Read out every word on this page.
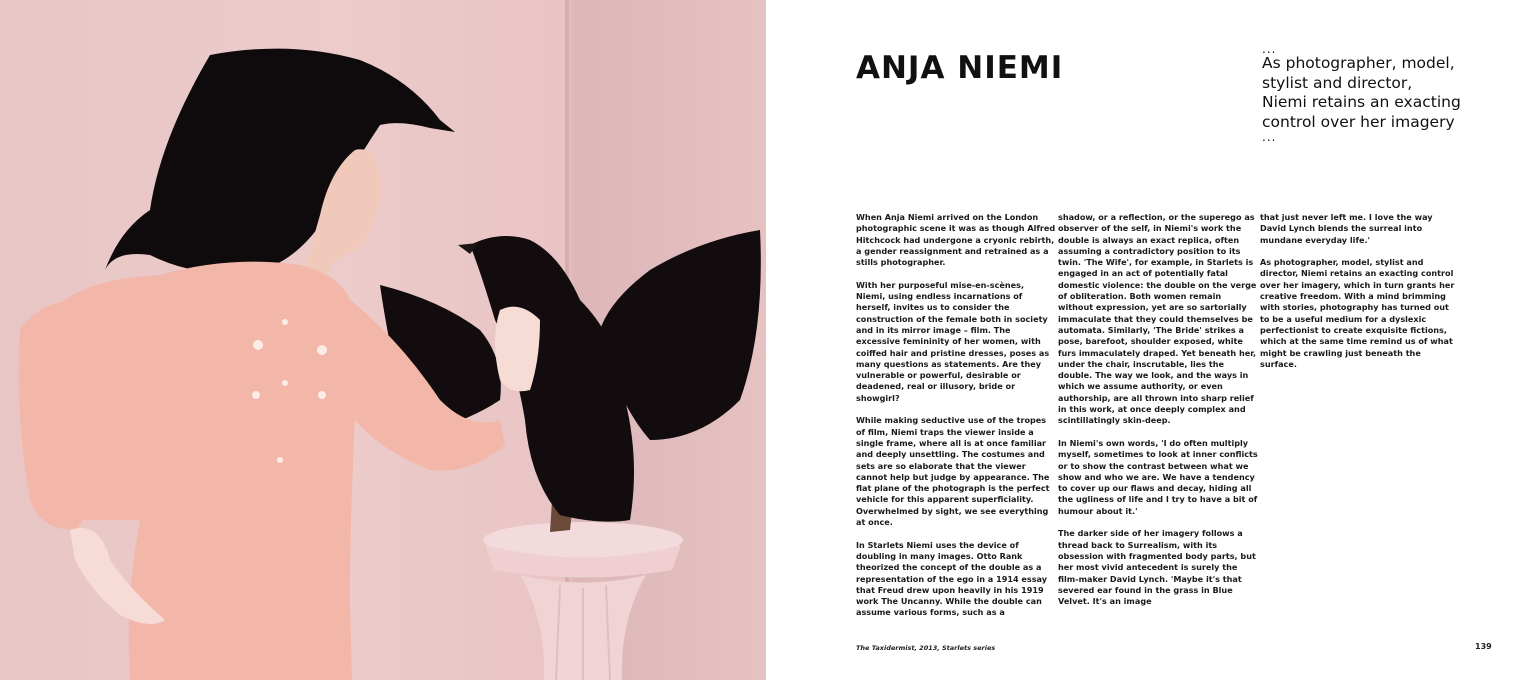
ANJA NIEMI
...
As photographer, model,
stylist and director,
Niemi retains an exacting
control over her imagery
...

When Anja Niemi arrived on the London photographic scene it was as though Alfred Hitchcock had undergone a cryonic rebirth, a gender reassignment and retrained as a stills photographer.

With her purposeful mise-en-scènes, Niemi, using endless incarnations of herself, invites us to consider the construction of the female both in society and in its mirror image – film. The excessive femininity of her women, with coiffed hair and pristine dresses, poses as many questions as statements. Are they vulnerable or powerful, desirable or deadened, real or illusory, bride or showgirl?

While making seductive use of the tropes of film, Niemi traps the viewer inside a single frame, where all is at once familiar and deeply unsettling. The costumes and sets are so elaborate that the viewer cannot help but judge by appearance. The flat plane of the photograph is the perfect vehicle for this apparent superficiality. Overwhelmed by sight, we see everything at once.

In Starlets Niemi uses the device of doubling in many images. Otto Rank theorized the concept of the double as a representation of the ego in a 1914 essay that Freud drew upon heavily in his 1919 work The Uncanny. While the double can assume various forms, such as a

shadow, or a reflection, or the superego as observer of the self, in Niemi's work the double is always an exact replica, often assuming a contradictory position to its twin. 'The Wife', for example, in Starlets is engaged in an act of potentially fatal domestic violence: the double on the verge of obliteration. Both women remain without expression, yet are so sartorially immaculate that they could themselves be automata. Similarly, 'The Bride' strikes a pose, barefoot, shoulder exposed, white furs immaculately draped. Yet beneath her, under the chair, inscrutable, lies the double. The way we look, and the ways in which we assume authority, or even authorship, are all thrown into sharp relief in this work, at once deeply complex and scintillatingly skin-deep.

In Niemi's own words, 'I do often multiply myself, sometimes to look at inner conflicts or to show the contrast between what we show and who we are. We have a tendency to cover up our flaws and decay, hiding all the ugliness of life and I try to have a bit of humour about it.'

The darker side of her imagery follows a thread back to Surrealism, with its obsession with fragmented body parts, but her most vivid antecedent is surely the film-maker David Lynch. 'Maybe it's that severed ear found in the grass in Blue Velvet. It's an image

that just never left me. I love the way David Lynch blends the surreal into mundane everyday life.'

As photographer, model, stylist and director, Niemi retains an exacting control over her imagery, which in turn grants her creative freedom. With a mind brimming with stories, photography has turned out to be a useful medium for a dyslexic perfectionist to create exquisite fictions, which at the same time remind us of what might be crawling just beneath the surface.

The Taxidermist, 2013, Starlets series	139
